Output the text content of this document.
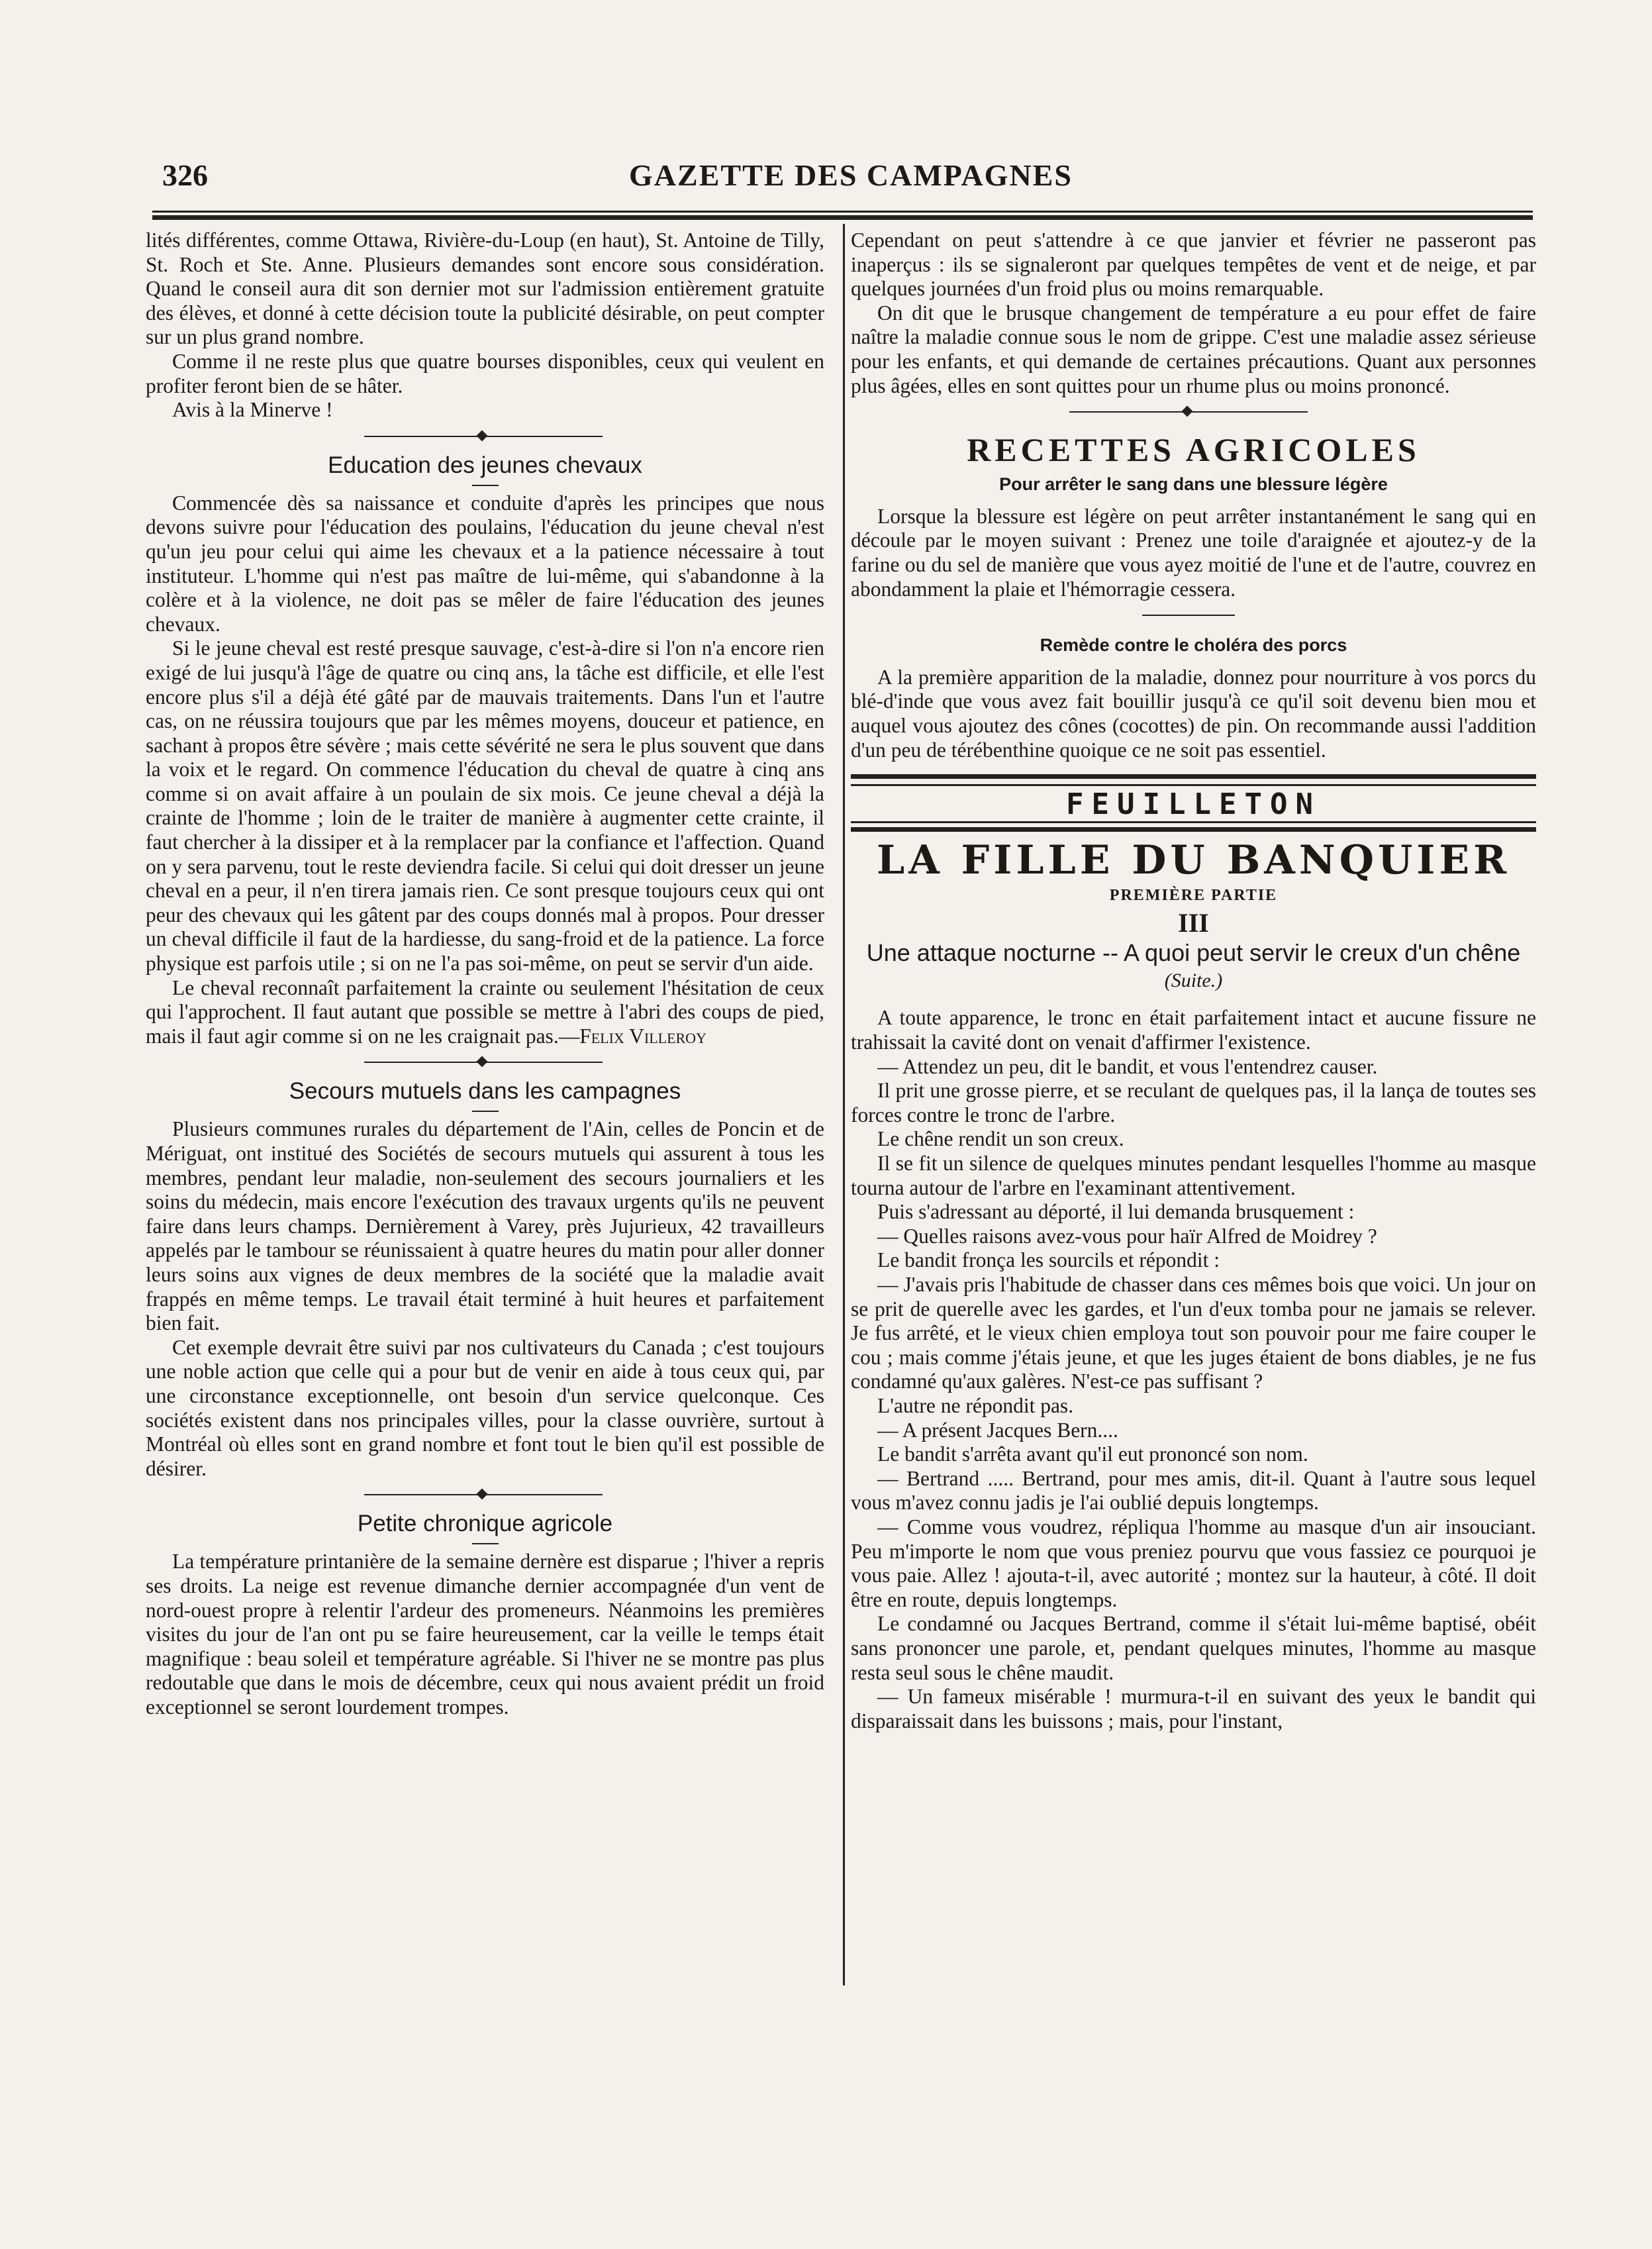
326	GAZETTE DES CAMPAGNES

lités différentes, comme Ottawa, Rivière-du-Loup (en haut), St. Antoine de Tilly, St. Roch et Ste. Anne. Plusieurs demandes sont encore sous considération. Quand le conseil aura dit son dernier mot sur l'admission entièrement gratuite des élèves, et donné à cette décision toute la publicité désirable, on peut compter sur un plus grand nombre.

Comme il ne reste plus que quatre bourses disponibles, ceux qui veulent en profiter feront bien de se hâter.

Avis à la Minerve !

Education des jeunes chevaux

Commencée dès sa naissance et conduite d'après les principes que nous devons suivre pour l'éducation des poulains, l'éducation du jeune cheval n'est qu'un jeu pour celui qui aime les chevaux et a la patience nécessaire à tout instituteur. L'homme qui n'est pas maître de lui-même, qui s'abandonne à la colère et à la violence, ne doit pas se mêler de faire l'éducation des jeunes chevaux.

Si le jeune cheval est resté presque sauvage, c'est-à-dire si l'on n'a encore rien exigé de lui jusqu'à l'âge de quatre ou cinq ans, la tâche est difficile, et elle l'est encore plus s'il a déjà été gâté par de mauvais traitements. Dans l'un et l'autre cas, on ne réussira toujours que par les mêmes moyens, douceur et patience, en sachant à propos être sévère ; mais cette sévérité ne sera le plus souvent que dans la voix et le regard. On commence l'éducation du cheval de quatre à cinq ans comme si on avait affaire à un poulain de six mois. Ce jeune cheval a déjà la crainte de l'homme ; loin de le traiter de manière à augmenter cette crainte, il faut chercher à la dissiper et à la remplacer par la confiance et l'affection. Quand on y sera parvenu, tout le reste deviendra facile. Si celui qui doit dresser un jeune cheval en a peur, il n'en tirera jamais rien. Ce sont presque toujours ceux qui ont peur des chevaux qui les gâtent par des coups donnés mal à propos. Pour dresser un cheval difficile il faut de la hardiesse, du sang-froid et de la patience. La force physique est parfois utile ; si on ne l'a pas soi-même, on peut se servir d'un aide.

Le cheval reconnaît parfaitement la crainte ou seulement l'hésitation de ceux qui l'approchent. Il faut autant que possible se mettre à l'abri des coups de pied, mais il faut agir comme si on ne les craignait pas.—Felix Villeroy

Secours mutuels dans les campagnes

Plusieurs communes rurales du département de l'Ain, celles de Poncin et de Mériguat, ont institué des Sociétés de secours mutuels qui assurent à tous les membres, pendant leur maladie, non-seulement des secours journaliers et les soins du médecin, mais encore l'exécution des travaux urgents qu'ils ne peuvent faire dans leurs champs. Dernièrement à Varey, près Jujurieux, 42 travailleurs appelés par le tambour se réunissaient à quatre heures du matin pour aller donner leurs soins aux vignes de deux membres de la société que la maladie avait frappés en même temps. Le travail était terminé à huit heures et parfaitement bien fait.

Cet exemple devrait être suivi par nos cultivateurs du Canada ; c'est toujours une noble action que celle qui a pour but de venir en aide à tous ceux qui, par une circonstance exceptionnelle, ont besoin d'un service quelconque. Ces sociétés existent dans nos principales villes, pour la classe ouvrière, surtout à Montréal où elles sont en grand nombre et font tout le bien qu'il est possible de désirer.

Petite chronique agricole

La température printanière de la semaine dernère est disparue ; l'hiver a repris ses droits. La neige est revenue dimanche dernier accompagnée d'un vent de nord-ouest propre à relentir l'ardeur des promeneurs. Néanmoins les premières visites du jour de l'an ont pu se faire heureusement, car la veille le temps était magnifique : beau soleil et température agréable. Si l'hiver ne se montre pas plus redoutable que dans le mois de décembre, ceux qui nous avaient prédit un froid exceptionnel se seront lourdement trompes.

Cependant on peut s'attendre à ce que janvier et février ne passeront pas inaperçus : ils se signaleront par quelques tempêtes de vent et de neige, et par quelques journées d'un froid plus ou moins remarquable.

On dit que le brusque changement de température a eu pour effet de faire naître la maladie connue sous le nom de grippe. C'est une maladie assez sérieuse pour les enfants, et qui demande de certaines précautions. Quant aux personnes plus âgées, elles en sont quittes pour un rhume plus ou moins prononcé.

RECETTES AGRICOLES
Pour arrêter le sang dans une blessure légère

Lorsque la blessure est légère on peut arrêter instantanément le sang qui en découle par le moyen suivant : Prenez une toile d'araignée et ajoutez-y de la farine ou du sel de manière que vous ayez moitié de l'une et de l'autre, couvrez en abondamment la plaie et l'hémorragie cessera.

Remède contre le choléra des porcs

A la première apparition de la maladie, donnez pour nourriture à vos porcs du blé-d'inde que vous avez fait bouillir jusqu'à ce qu'il soit devenu bien mou et auquel vous ajoutez des cônes (cocottes) de pin. On recommande aussi l'addition d'un peu de térébenthine quoique ce ne soit pas essentiel.

FEUILLETON
LA FILLE DU BANQUIER
PREMIÈRE PARTIE
III
Une attaque nocturne -- A quoi peut servir le creux d'un chêne
(Suite.)

A toute apparence, le tronc en était parfaitement intact et aucune fissure ne trahissait la cavité dont on venait d'affirmer l'existence.

— Attendez un peu, dit le bandit, et vous l'entendrez causer.

Il prit une grosse pierre, et se reculant de quelques pas, il la lança de toutes ses forces contre le tronc de l'arbre.

Le chêne rendit un son creux.

Il se fit un silence de quelques minutes pendant lesquelles l'homme au masque tourna autour de l'arbre en l'examinant attentivement.

Puis s'adressant au déporté, il lui demanda brusquement :

— Quelles raisons avez-vous pour haïr Alfred de Moidrey ?

Le bandit fronça les sourcils et répondit :

— J'avais pris l'habitude de chasser dans ces mêmes bois que voici. Un jour on se prit de querelle avec les gardes, et l'un d'eux tomba pour ne jamais se relever. Je fus arrêté, et le vieux chien employa tout son pouvoir pour me faire couper le cou ; mais comme j'étais jeune, et que les juges étaient de bons diables, je ne fus condamné qu'aux galères. N'est-ce pas suffisant ?

L'autre ne répondit pas.

— A présent Jacques Bern....

Le bandit s'arrêta avant qu'il eut prononcé son nom.

— Bertrand ..... Bertrand, pour mes amis, dit-il. Quant à l'autre sous lequel vous m'avez connu jadis je l'ai oublié depuis longtemps.

— Comme vous voudrez, répliqua l'homme au masque d'un air insouciant. Peu m'importe le nom que vous preniez pourvu que vous fassiez ce pourquoi je vous paie. Allez ! ajouta-t-il, avec autorité ; montez sur la hauteur, à côté. Il doit être en route, depuis longtemps.

Le condamné ou Jacques Bertrand, comme il s'était lui-même baptisé, obéit sans prononcer une parole, et, pendant quelques minutes, l'homme au masque resta seul sous le chêne maudit.

— Un fameux misérable ! murmura-t-il en suivant des yeux le bandit qui disparaissait dans les buissons ; mais, pour l'instant,
